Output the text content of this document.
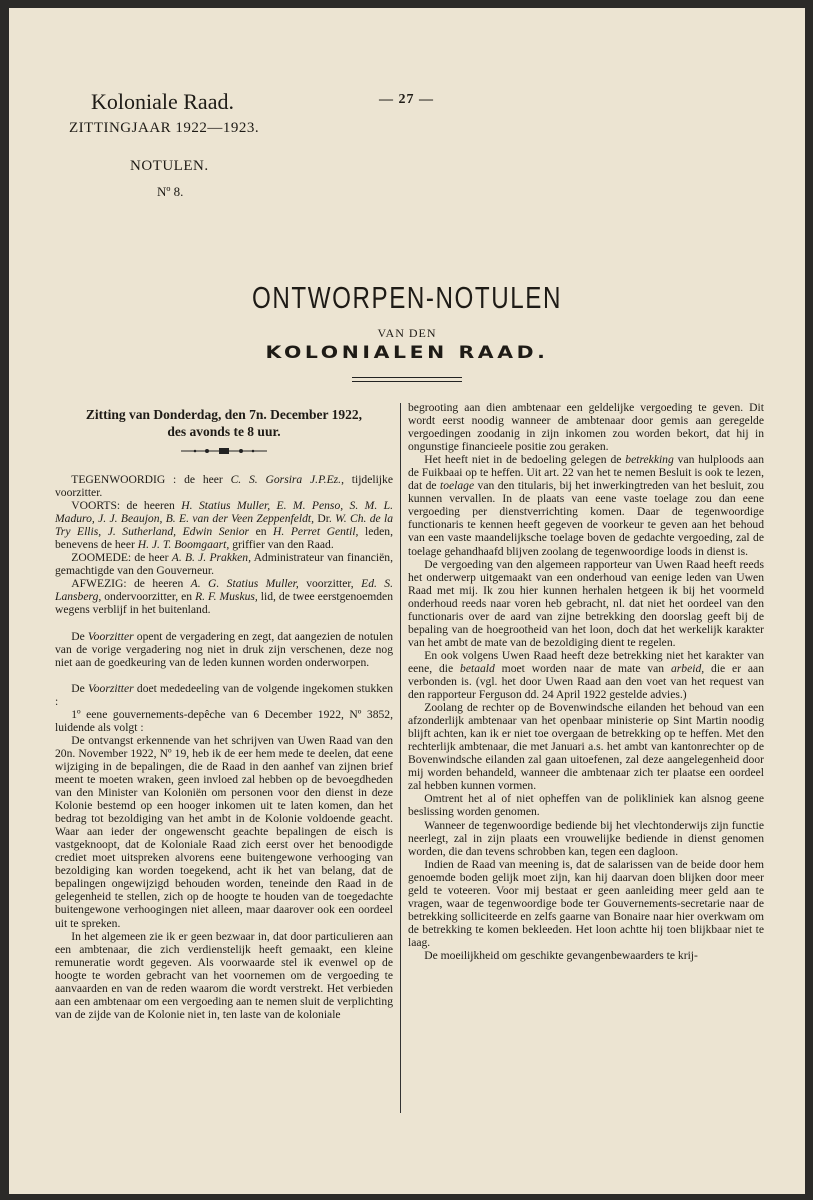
Koloniale Raad.	— 27 —
ZITTINGJAAR 1922—1923.
NOTULEN.
Nº 8.
ONTWORPEN-NOTULEN
VAN DEN
KOLONIALEN RAAD.

Zitting van Donderdag, den 7n. December 1922,
des avonds te 8 uur.

TEGENWOORDIG : de heer C. S. Gorsira J.P.Ez., tijdelijke voorzitter.

VOORTS: de heeren H. Statius Muller, E. M. Penso, S. M. L. Maduro, J. J. Beaujon, B. E. van der Veen Zeppenfeldt, Dr. W. Ch. de la Try Ellis, J. Sutherland, Edwin Senior en H. Perret Gentil, leden, benevens de heer H. J. T. Boomgaart, griffier van den Raad.

ZOOMEDE: de heer A. B. J. Prakken, Administrateur van financiën, gemachtigde van den Gouverneur.

AFWEZIG: de heeren A. G. Statius Muller, voorzitter, Ed. S. Lansberg, ondervoorzitter, en R. F. Muskus, lid, de twee eerstgenoemden wegens verblijf in het buitenland.

De Voorzitter opent de vergadering en zegt, dat aangezien de notulen van de vorige vergadering nog niet in druk zijn verschenen, deze nog niet aan de goedkeuring van de leden kunnen worden onderworpen.

De Voorzitter doet mededeeling van de volgende ingekomen stukken :

1º eene gouvernements-depêche van 6 December 1922, Nº 3852, luidende als volgt :

De ontvangst erkennende van het schrijven van Uwen Raad van den 20n. November 1922, Nº 19, heb ik de eer hem mede te deelen, dat eene wijziging in de bepalingen, die de Raad in den aanhef van zijnen brief meent te moeten wraken, geen invloed zal hebben op de bevoegdheden van den Minister van Koloniën om personen voor den dienst in deze Kolonie bestemd op een hooger inkomen uit te laten komen, dan het bedrag tot bezoldiging van het ambt in de Kolonie voldoende geacht. Waar aan ieder der ongewenscht geachte bepalingen de eisch is vastgeknoopt, dat de Koloniale Raad zich eerst over het benoodigde crediet moet uitspreken alvorens eene buitengewone verhooging van bezoldiging kan worden toegekend, acht ik het van belang, dat de bepalingen ongewijzigd behouden worden, teneinde den Raad in de gelegenheid te stellen, zich op de hoogte te houden van de toegedachte buitengewone verhoogingen niet alleen, maar daarover ook een oordeel uit te spreken.

In het algemeen zie ik er geen bezwaar in, dat door particulieren aan een ambtenaar, die zich verdienstelijk heeft gemaakt, een kleine remuneratie wordt gegeven. Als voorwaarde stel ik evenwel op de hoogte te worden gebracht van het voornemen om de vergoeding te aanvaarden en van de reden waarom die wordt verstrekt. Het verbieden aan een ambtenaar om een vergoeding aan te nemen sluit de verplichting van de zijde van de Kolonie niet in, ten laste van de koloniale

begrooting aan dien ambtenaar een geldelijke vergoeding te geven. Dit wordt eerst noodig wanneer de ambtenaar door gemis aan geregelde vergoedingen zoodanig in zijn inkomen zou worden bekort, dat hij in ongunstige financieele positie zou geraken.

Het heeft niet in de bedoeling gelegen de betrekking van hulploods aan de Fuikbaai op te heffen. Uit art. 22 van het te nemen Besluit is ook te lezen, dat de toelage van den titularis, bij het inwerkingtreden van het besluit, zou kunnen vervallen. In de plaats van eene vaste toelage zou dan eene vergoeding per dienstverrichting komen. Daar de tegenwoordige functionaris te kennen heeft gegeven de voorkeur te geven aan het behoud van een vaste maandelijksche toelage boven de gedachte vergoeding, zal de toelage gehandhaafd blijven zoolang de tegenwoordige loods in dienst is.

De vergoeding van den algemeen rapporteur van Uwen Raad heeft reeds het onderwerp uitgemaakt van een onderhoud van eenige leden van Uwen Raad met mij. Ik zou hier kunnen herhalen hetgeen ik bij het voormeld onderhoud reeds naar voren heb gebracht, nl. dat niet het oordeel van den functionaris over de aard van zijne betrekking den doorslag geeft bij de bepaling van de hoegrootheid van het loon, doch dat het werkelijk karakter van het ambt de mate van de bezoldiging dient te regelen.

En ook volgens Uwen Raad heeft deze betrekking niet het karakter van eene, die betaald moet worden naar de mate van arbeid, die er aan verbonden is. (vgl. het door Uwen Raad aan den voet van het request van den rapporteur Ferguson dd. 24 April 1922 gestelde advies.)

Zoolang de rechter op de Bovenwindsche eilanden het behoud van een afzonderlijk ambtenaar van het openbaar ministerie op Sint Martin noodig blijft achten, kan ik er niet toe overgaan de betrekking op te heffen. Met den rechterlijk ambtenaar, die met Januari a.s. het ambt van kantonrechter op de Bovenwindsche eilanden zal gaan uitoefenen, zal deze aangelegenheid door mij worden behandeld, wanneer die ambtenaar zich ter plaatse een oordeel zal hebben kunnen vormen.

Omtrent het al of niet opheffen van de polikliniek kan alsnog geene beslissing worden genomen.

Wanneer de tegenwoordige bediende bij het vlechtonderwijs zijn functie neerlegt, zal in zijn plaats een vrouwelijke bediende in dienst genomen worden, die dan tevens schrobben kan, tegen een dagloon.

Indien de Raad van meening is, dat de salarissen van de beide door hem genoemde boden gelijk moet zijn, kan hij daarvan doen blijken door meer geld te voteeren. Voor mij bestaat er geen aanleiding meer geld aan te vragen, waar de tegenwoordige bode ter Gouvernements-secretarie naar de betrekking solliciteerde en zelfs gaarne van Bonaire naar hier overkwam om de betrekking te komen bekleeden. Het loon achtte hij toen blijkbaar niet te laag.

De moeilijkheid om geschikte gevangenbewaarders te krij-
